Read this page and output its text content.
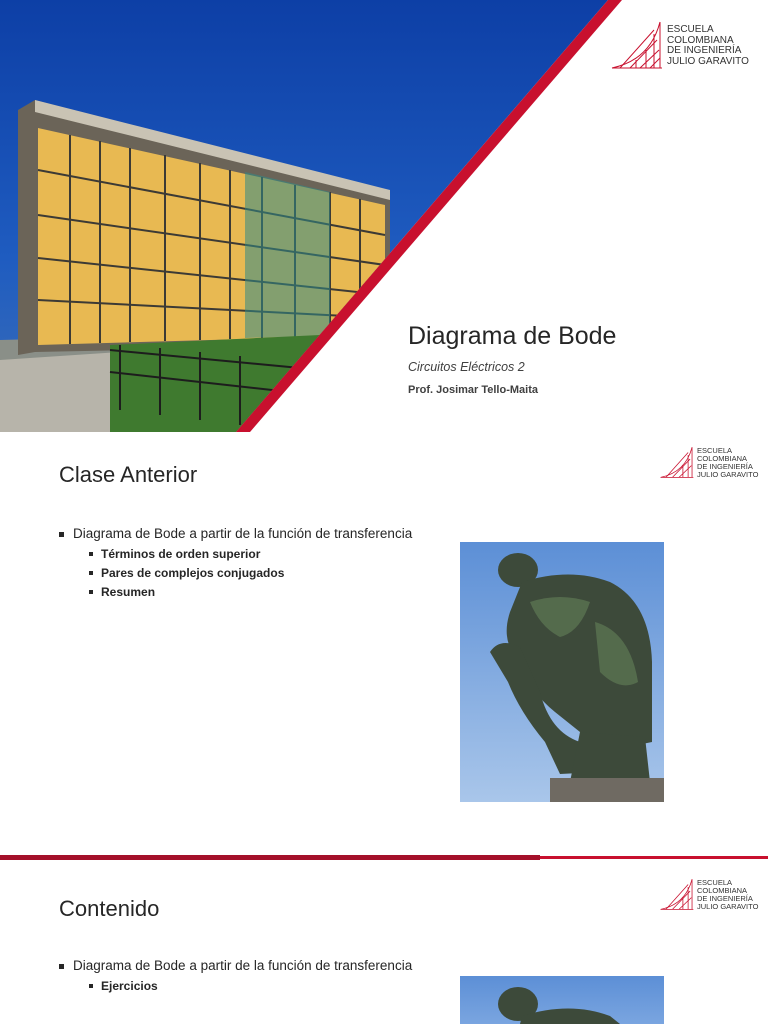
ESCUELA
COLOMBIANA
DE INGENIERÍA
JULIO GARAVITO
Diagrama de Bode
Circuitos Eléctricos 2
Prof. Josimar Tello-Maita
Clase Anterior
ESCUELA
COLOMBIANA
DE INGENIERÍA
JULIO GARAVITO
Diagrama de Bode a partir de la función de transferencia
Términos de orden superior
Pares de complejos conjugados
Resumen
Contenido
ESCUELA
COLOMBIANA
DE INGENIERÍA
JULIO GARAVITO
Diagrama de Bode a partir de la función de transferencia
Ejercicios
